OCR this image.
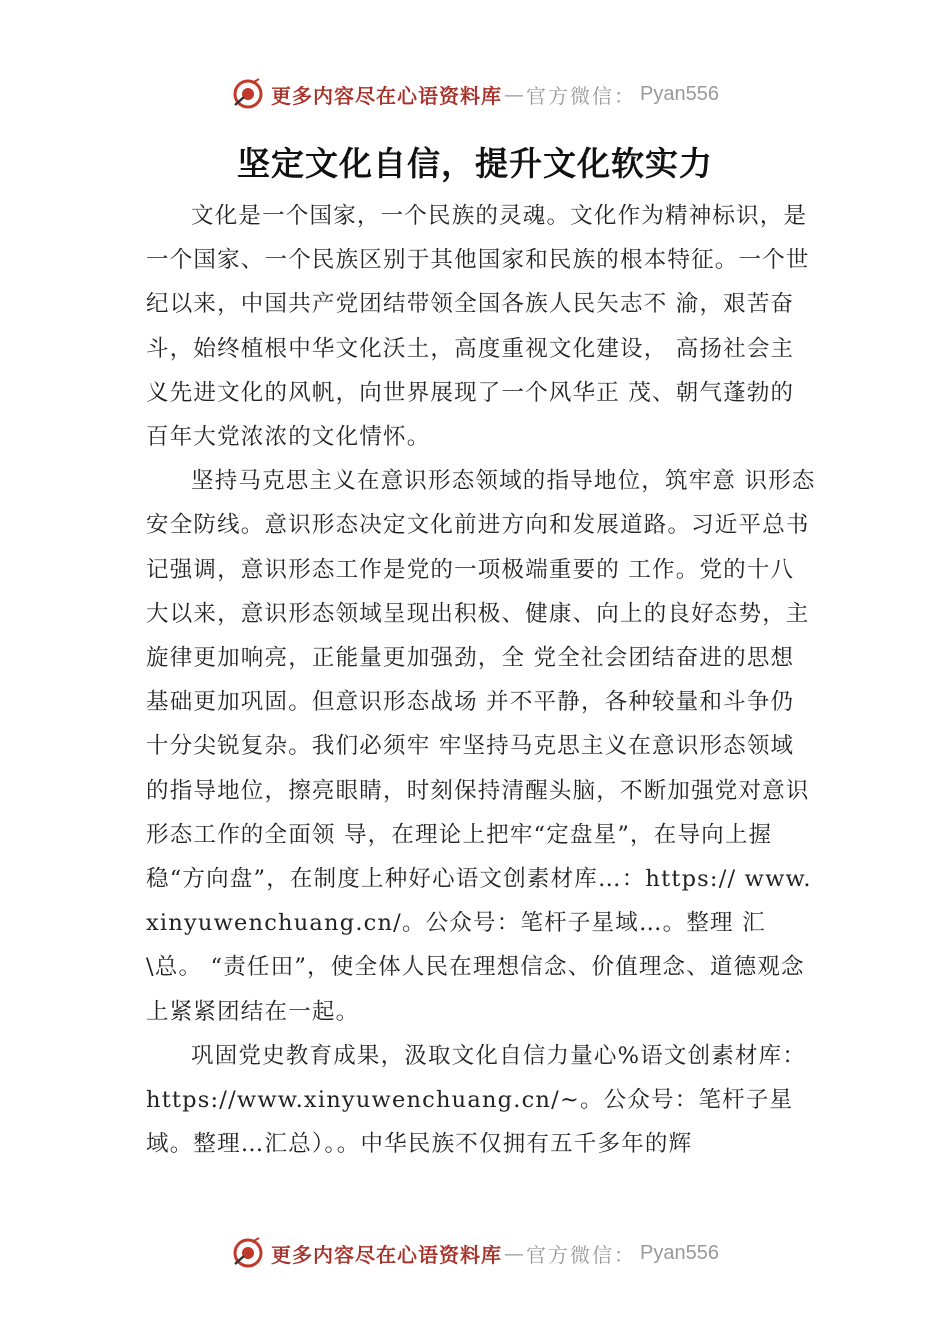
更多内容尽在心语资料库 — 官方微信： Pyan556
坚定文化自信，提升文化软实力

文化是一个国家，一个民族的灵魂。文化作为精神标识，是一个国家、一个民族区别于其他国家和民族的根本特征。一个世纪以来，中国共产党团结带领全国各族人民矢志不 渝，艰苦奋斗，始终植根中华文化沃土，高度重视文化建设， 高扬社会主义先进文化的风帆，向世界展现了一个风华正 茂、朝气蓬勃的百年大党浓浓的文化情怀。

坚持马克思主义在意识形态领域的指导地位，筑牢意 识形态安全防线。意识形态决定文化前进方向和发展道路。习近平总书记强调，意识形态工作是党的一项极端重要的 工作。党的十八大以来，意识形态领域呈现出积极、健康、向上的良好态势，主旋律更加响亮，正能量更加强劲，全 党全社会团结奋进的思想基础更加巩固。但意识形态战场 并不平静，各种较量和斗争仍十分尖锐复杂。我们必须牢 牢坚持马克思主义在意识形态领域的指导地位，擦亮眼睛，时刻保持清醒头脑，不断加强党对意识形态工作的全面领 导，在理论上把牢“定盘星”，在导向上握稳“方向盘”，在制度上种好心语文创素材库…：https:// www.xinyuwenchuang.cn/。公众号：笔杆子星域…。整理 汇\总。 “责任田”，使全体人民在理想信念、价值理念、道德观念上紧紧团结在一起。

巩固党史教育成果，汲取文化自信力量心%语文创素材库：https://www.xinyuwenchuang.cn/~。公众号：笔杆子星域。整理…汇总）。。中华民族不仅拥有五千多年的辉

更多内容尽在心语资料库 — 官方微信： Pyan556
